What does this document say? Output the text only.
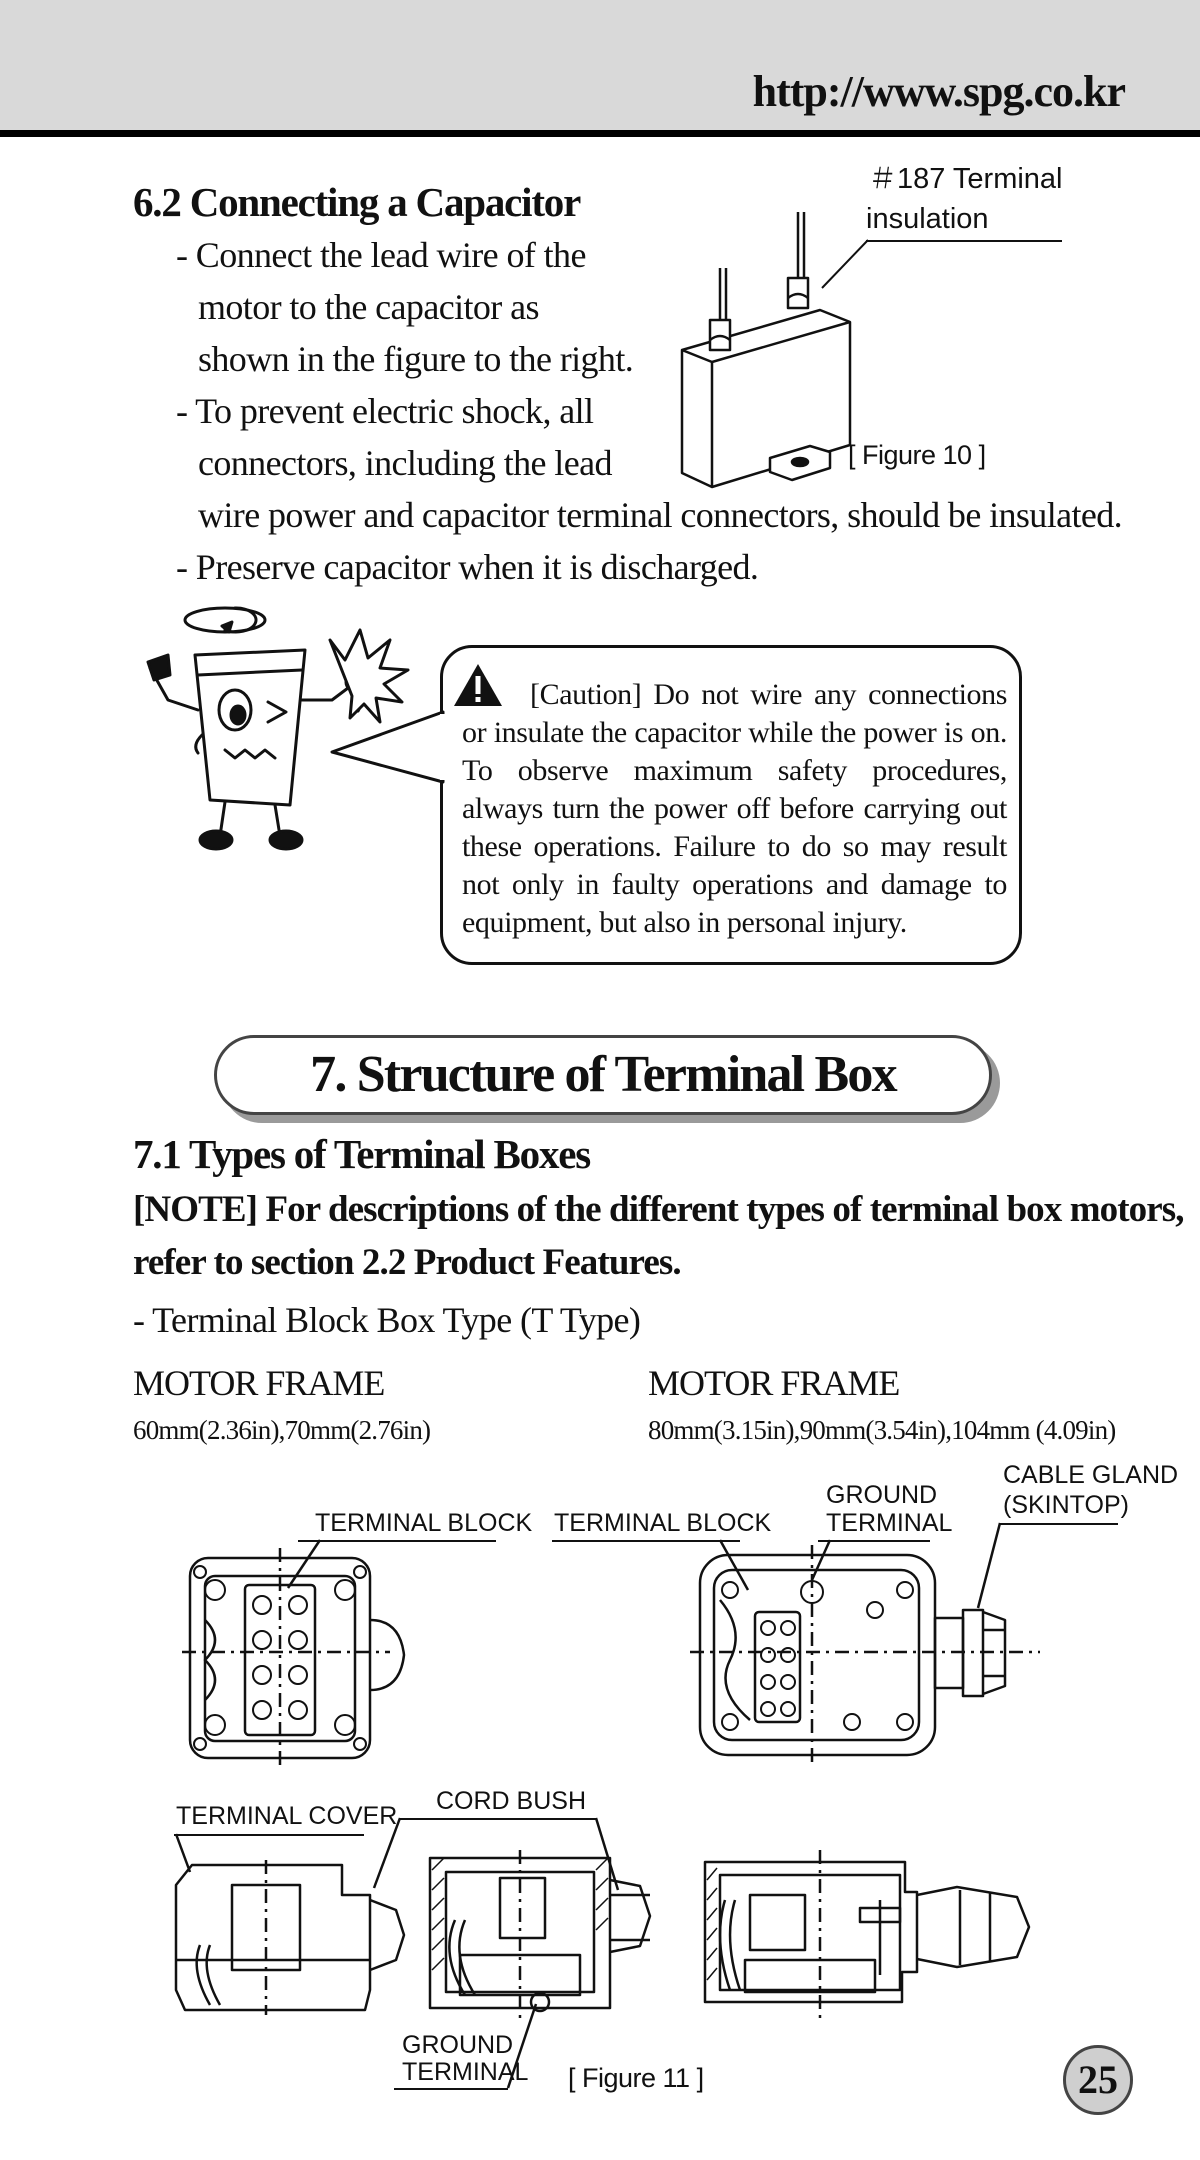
http://www.spg.co.kr
6.2 Connecting a Capacitor
- Connect the lead wire of the
motor to the capacitor as
shown in the figure to the right.
- To prevent electric shock, all
connectors, including the lead
wire power and capacitor terminal connectors, should be insulated.
- Preserve capacitor when it is discharged.
＃187 Terminal
insulation
[ Figure 10 ]
[Caution] Do not wire any connections or insulate the capacitor while the power is on. To observe maximum safety procedures, always turn the power off before carrying out these operations. Failure to do so may result not only in faulty operations and damage to equipment, but also in personal injury.
7. Structure of Terminal Box
7.1 Types of Terminal Boxes
[NOTE] For descriptions of the different types of terminal box motors,
refer to section 2.2 Product Features.
- Terminal Block Box Type (T Type)
MOTOR FRAME
60mm(2.36in),70mm(2.76in)
MOTOR FRAME
80mm(3.15in),90mm(3.54in),104mm (4.09in)
TERMINAL BLOCK TERMINAL BLOCK
GROUND
TERMINAL
CABLE GLAND
(SKINTOP)
TERMINAL COVER
CORD BUSH
GROUND
TERMINAL [ Figure 11 ]	25
